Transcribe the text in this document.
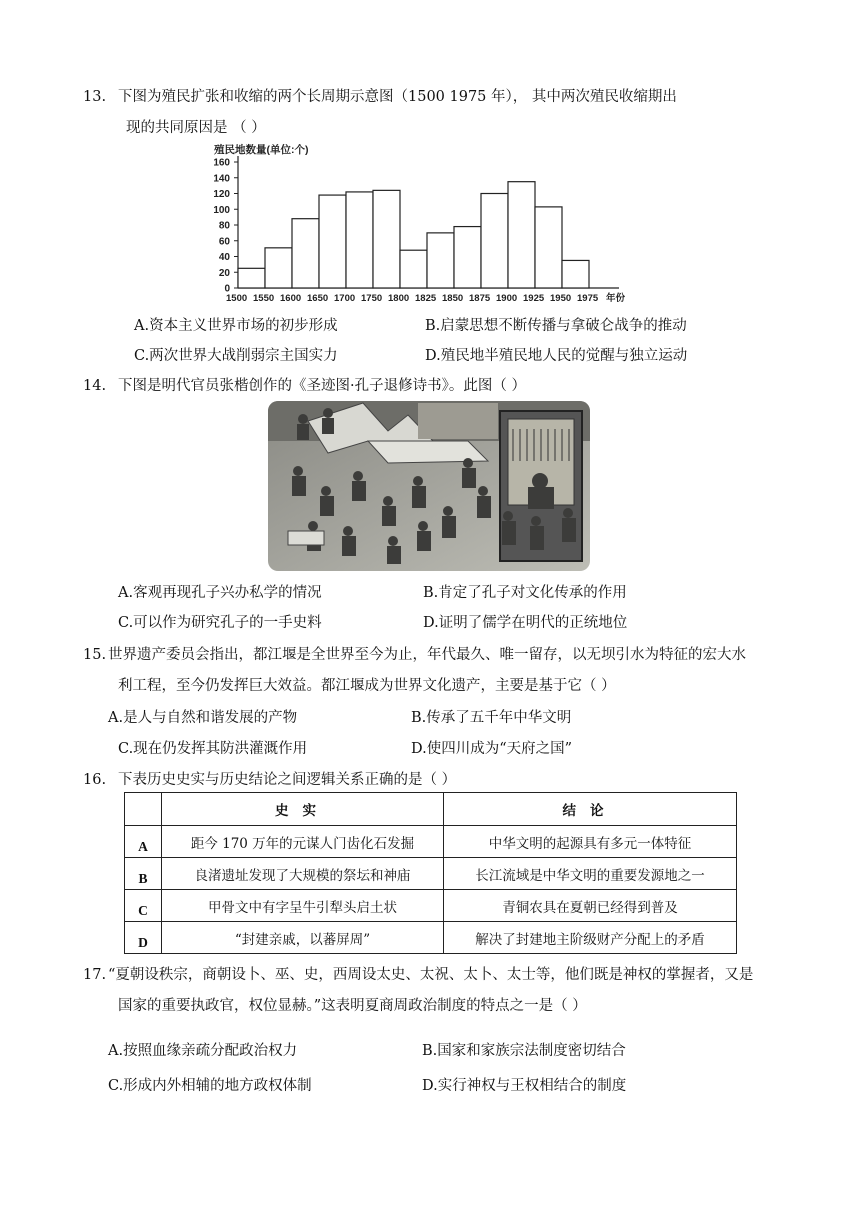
13. 下图为殖民扩张和收缩的两个长周期示意图（1500 1975 年）， 其中两次殖民收缩期出
现的共同原因是 （ ）
殖民地数量(单位:个)
0
20
40
60
80
100
120
140
160
1500 1550 1600 1650 1700 1750 1800 1825 1850 1875 1900 1925 1950 1975 年份
A.资本主义世界市场的初步形成	B.启蒙思想不断传播与拿破仑战争的推动
C.两次世界大战削弱宗主国实力	D.殖民地半殖民地人民的觉醒与独立运动
14. 下图是明代官员张楷创作的《圣迹图·孔子退修诗书》。此图（ ）
A.客观再现孔子兴办私学的情况	B.肯定了孔子对文化传承的作用
C.可以作为研究孔子的一手史料	D.证明了儒学在明代的正统地位
15. 世界遗产委员会指出，都江堰是全世界至今为止，年代最久、唯一留存，以无坝引水为特征的宏大水
利工程，至今仍发挥巨大效益。都江堰成为世界文化遗产，主要是基于它（ ）
A.是人与自然和谐发展的产物	B.传承了五千年中华文明
C.现在仍发挥其防洪灌溉作用	D.使四川成为“天府之国”
16. 下表历史史实与历史结论之间逻辑关系正确的是（ ）
	史实	结论
A	距今 170 万年的元谋人门齿化石发掘	中华文明的起源具有多元一体特征
B	良渚遗址发现了大规模的祭坛和神庙	长江流域是中华文明的重要发源地之一
C	甲骨文中有字呈牛引犁头启土状	青铜农具在夏朝已经得到普及
D	“封建亲戚，以蕃屏周”	解决了封建地主阶级财产分配上的矛盾
17. “夏朝设秩宗，商朝设卜、巫、史，西周设太史、太祝、太卜、太士等，他们既是神权的掌握者，又是
国家的重要执政官，权位显赫。”这表明夏商周政治制度的特点之一是（ ）
A.按照血缘亲疏分配政治权力	B.国家和家族宗法制度密切结合
C.形成内外相辅的地方政权体制	D.实行神权与王权相结合的制度
